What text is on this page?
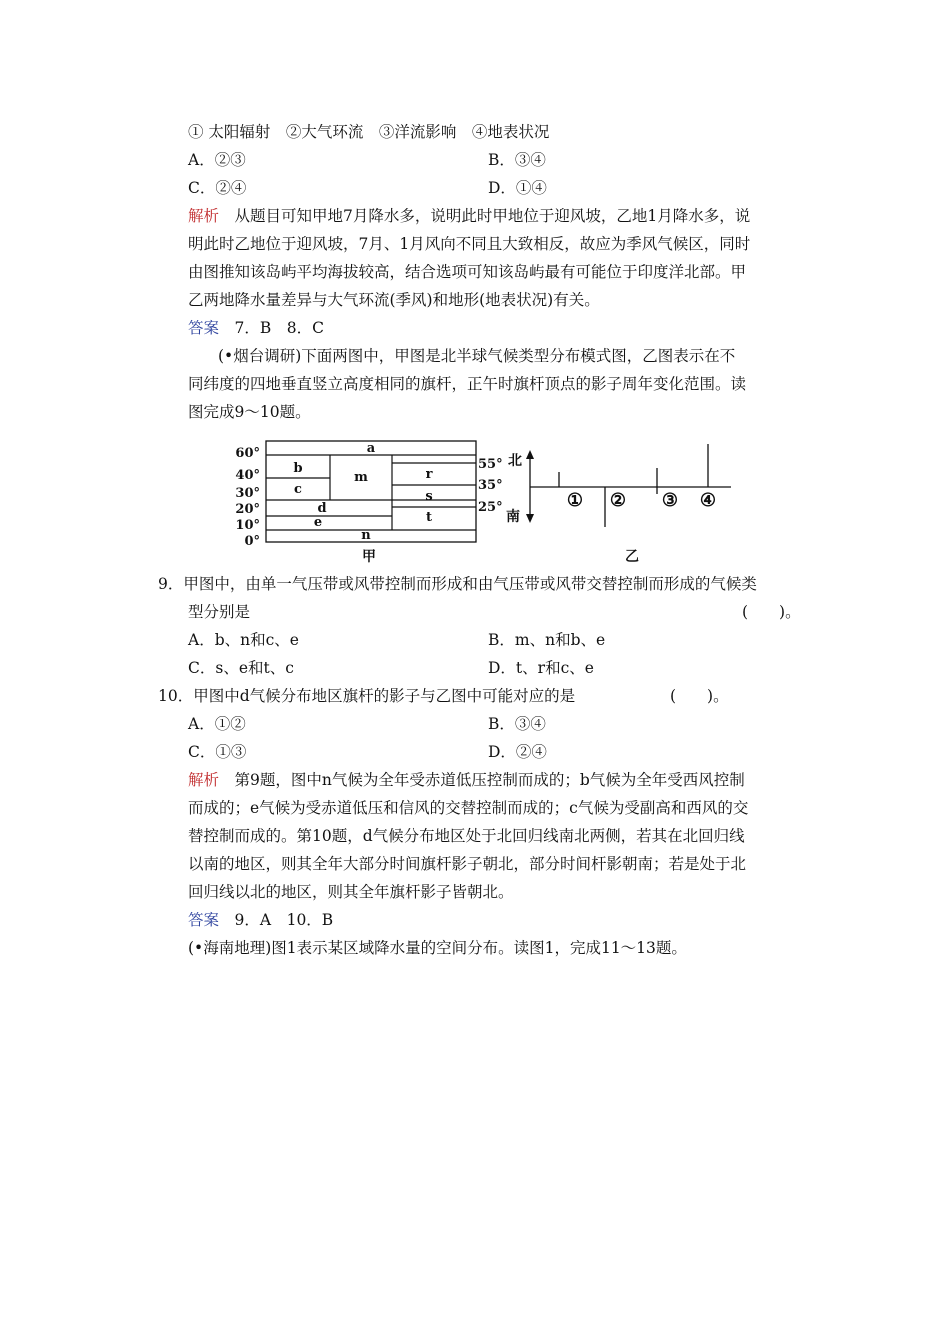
① 太阳辐射　②大气环流　③洋流影响　④地表状况
A．②③	B．③④
C．②④	D．①④
解析　 从题目可知甲地7月降水多，说明此时甲地位于迎风坡，乙地1月降水多，说
明此时乙地位于迎风坡，7月、1月风向不同且大致相反，故应为季风气候区，同时
由图推知该岛屿平均海拔较高，结合选项可知该岛屿最有可能位于印度洋北部。甲
乙两地降水量差异与大气环流(季风)和地形(地表状况)有关。
答案　 7．B　8．C
(•烟台调研)下面两图中，甲图是北半球气候类型分布模式图，乙图表示在不
同纬度的四地垂直竖立高度相同的旗杆，正午时旗杆顶点的影子周年变化范围。读
图完成9～10题。
60°
40°
30°
20°
10°
0°
a
b
c
m
d
e
n
r
s
t
甲
55°
35°
25°
北
南
① ② ③ ④
乙
9．甲图中，由单一气压带或风带控制而形成和由气压带或风带交替控制而形成的气候类
型分别是	(　　)。
A．b、n和c、e	B．m、n和b、e
C．s、e和t、c	D．t、r和c、e
10．甲图中d气候分布地区旗杆的影子与乙图中可能对应的是	(　　)。
A．①②	B．③④
C．①③	D．②④
解析　 第9题，图中n气候为全年受赤道低压控制而成的；b气候为全年受西风控制
而成的；e气候为受赤道低压和信风的交替控制而成的；c气候为受副高和西风的交
替控制而成的。第10题，d气候分布地区处于北回归线南北两侧，若其在北回归线
以南的地区，则其全年大部分时间旗杆影子朝北，部分时间杆影朝南；若是处于北
回归线以北的地区，则其全年旗杆影子皆朝北。
答案　 9．A　10．B
(•海南地理)图1表示某区域降水量的空间分布。读图1，完成11～13题。
